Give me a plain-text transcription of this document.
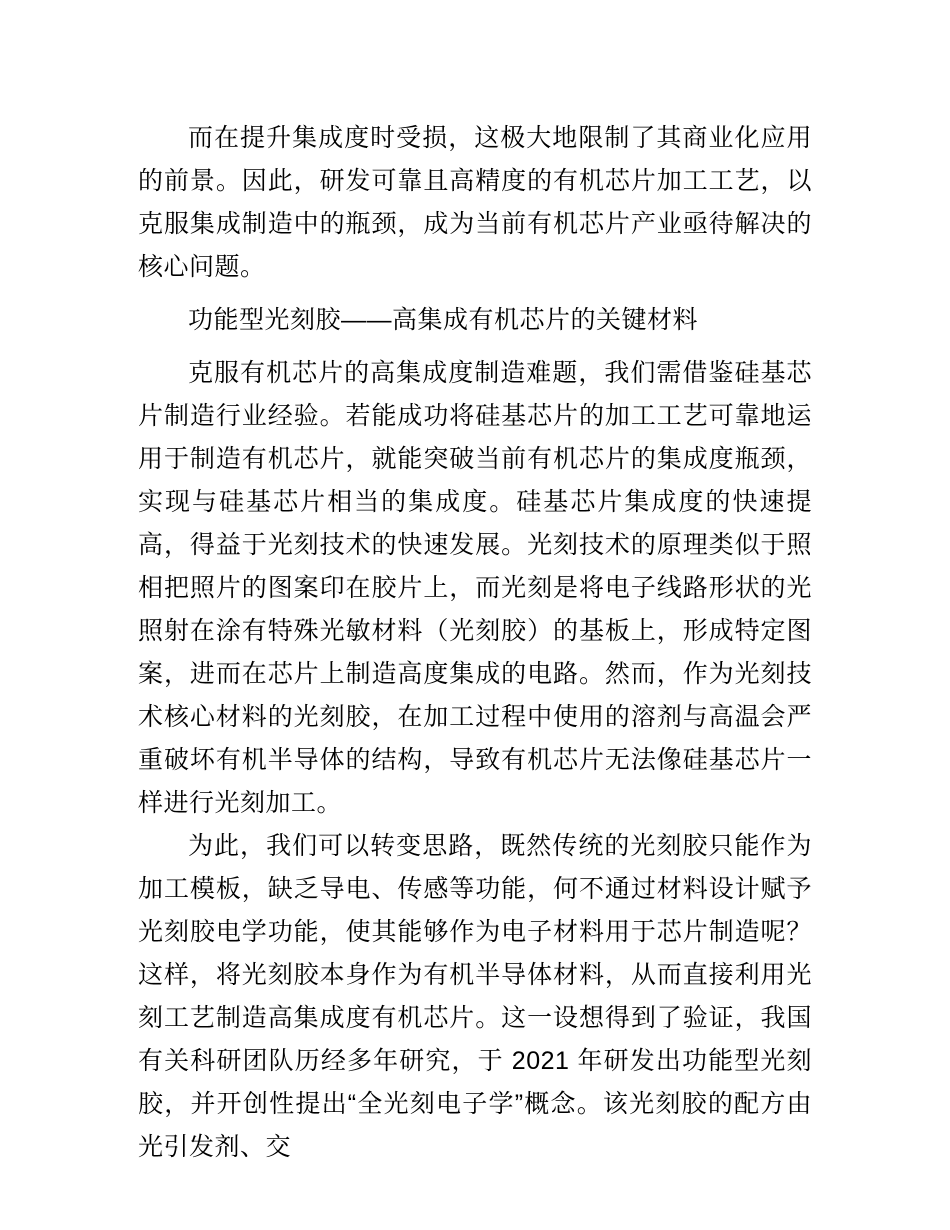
而在提升集成度时受损，这极大地限制了其商业化应用的前景。因此，研发可靠且高精度的有机芯片加工工艺，以克服集成制造中的瓶颈，成为当前有机芯片产业亟待解决的核心问题。

功能型光刻胶——高集成有机芯片的关键材料

克服有机芯片的高集成度制造难题，我们需借鉴硅基芯片制造行业经验。若能成功将硅基芯片的加工工艺可靠地运用于制造有机芯片，就能突破当前有机芯片的集成度瓶颈，实现与硅基芯片相当的集成度。硅基芯片集成度的快速提高，得益于光刻技术的快速发展。光刻技术的原理类似于照相把照片的图案印在胶片上，而光刻是将电子线路形状的光照射在涂有特殊光敏材料（光刻胶）的基板上，形成特定图案，进而在芯片上制造高度集成的电路。然而，作为光刻技术核心材料的光刻胶，在加工过程中使用的溶剂与高温会严重破坏有机半导体的结构，导致有机芯片无法像硅基芯片一样进行光刻加工。

为此，我们可以转变思路，既然传统的光刻胶只能作为加工模板，缺乏导电、传感等功能，何不通过材料设计赋予光刻胶电学功能，使其能够作为电子材料用于芯片制造呢？这样，将光刻胶本身作为有机半导体材料，从而直接利用光刻工艺制造高集成度有机芯片。这一设想得到了验证，我国有关科研团队历经多年研究，于 2021 年研发出功能型光刻胶，并开创性提出“全光刻电子学”概念。该光刻胶的配方由光引发剂、交
